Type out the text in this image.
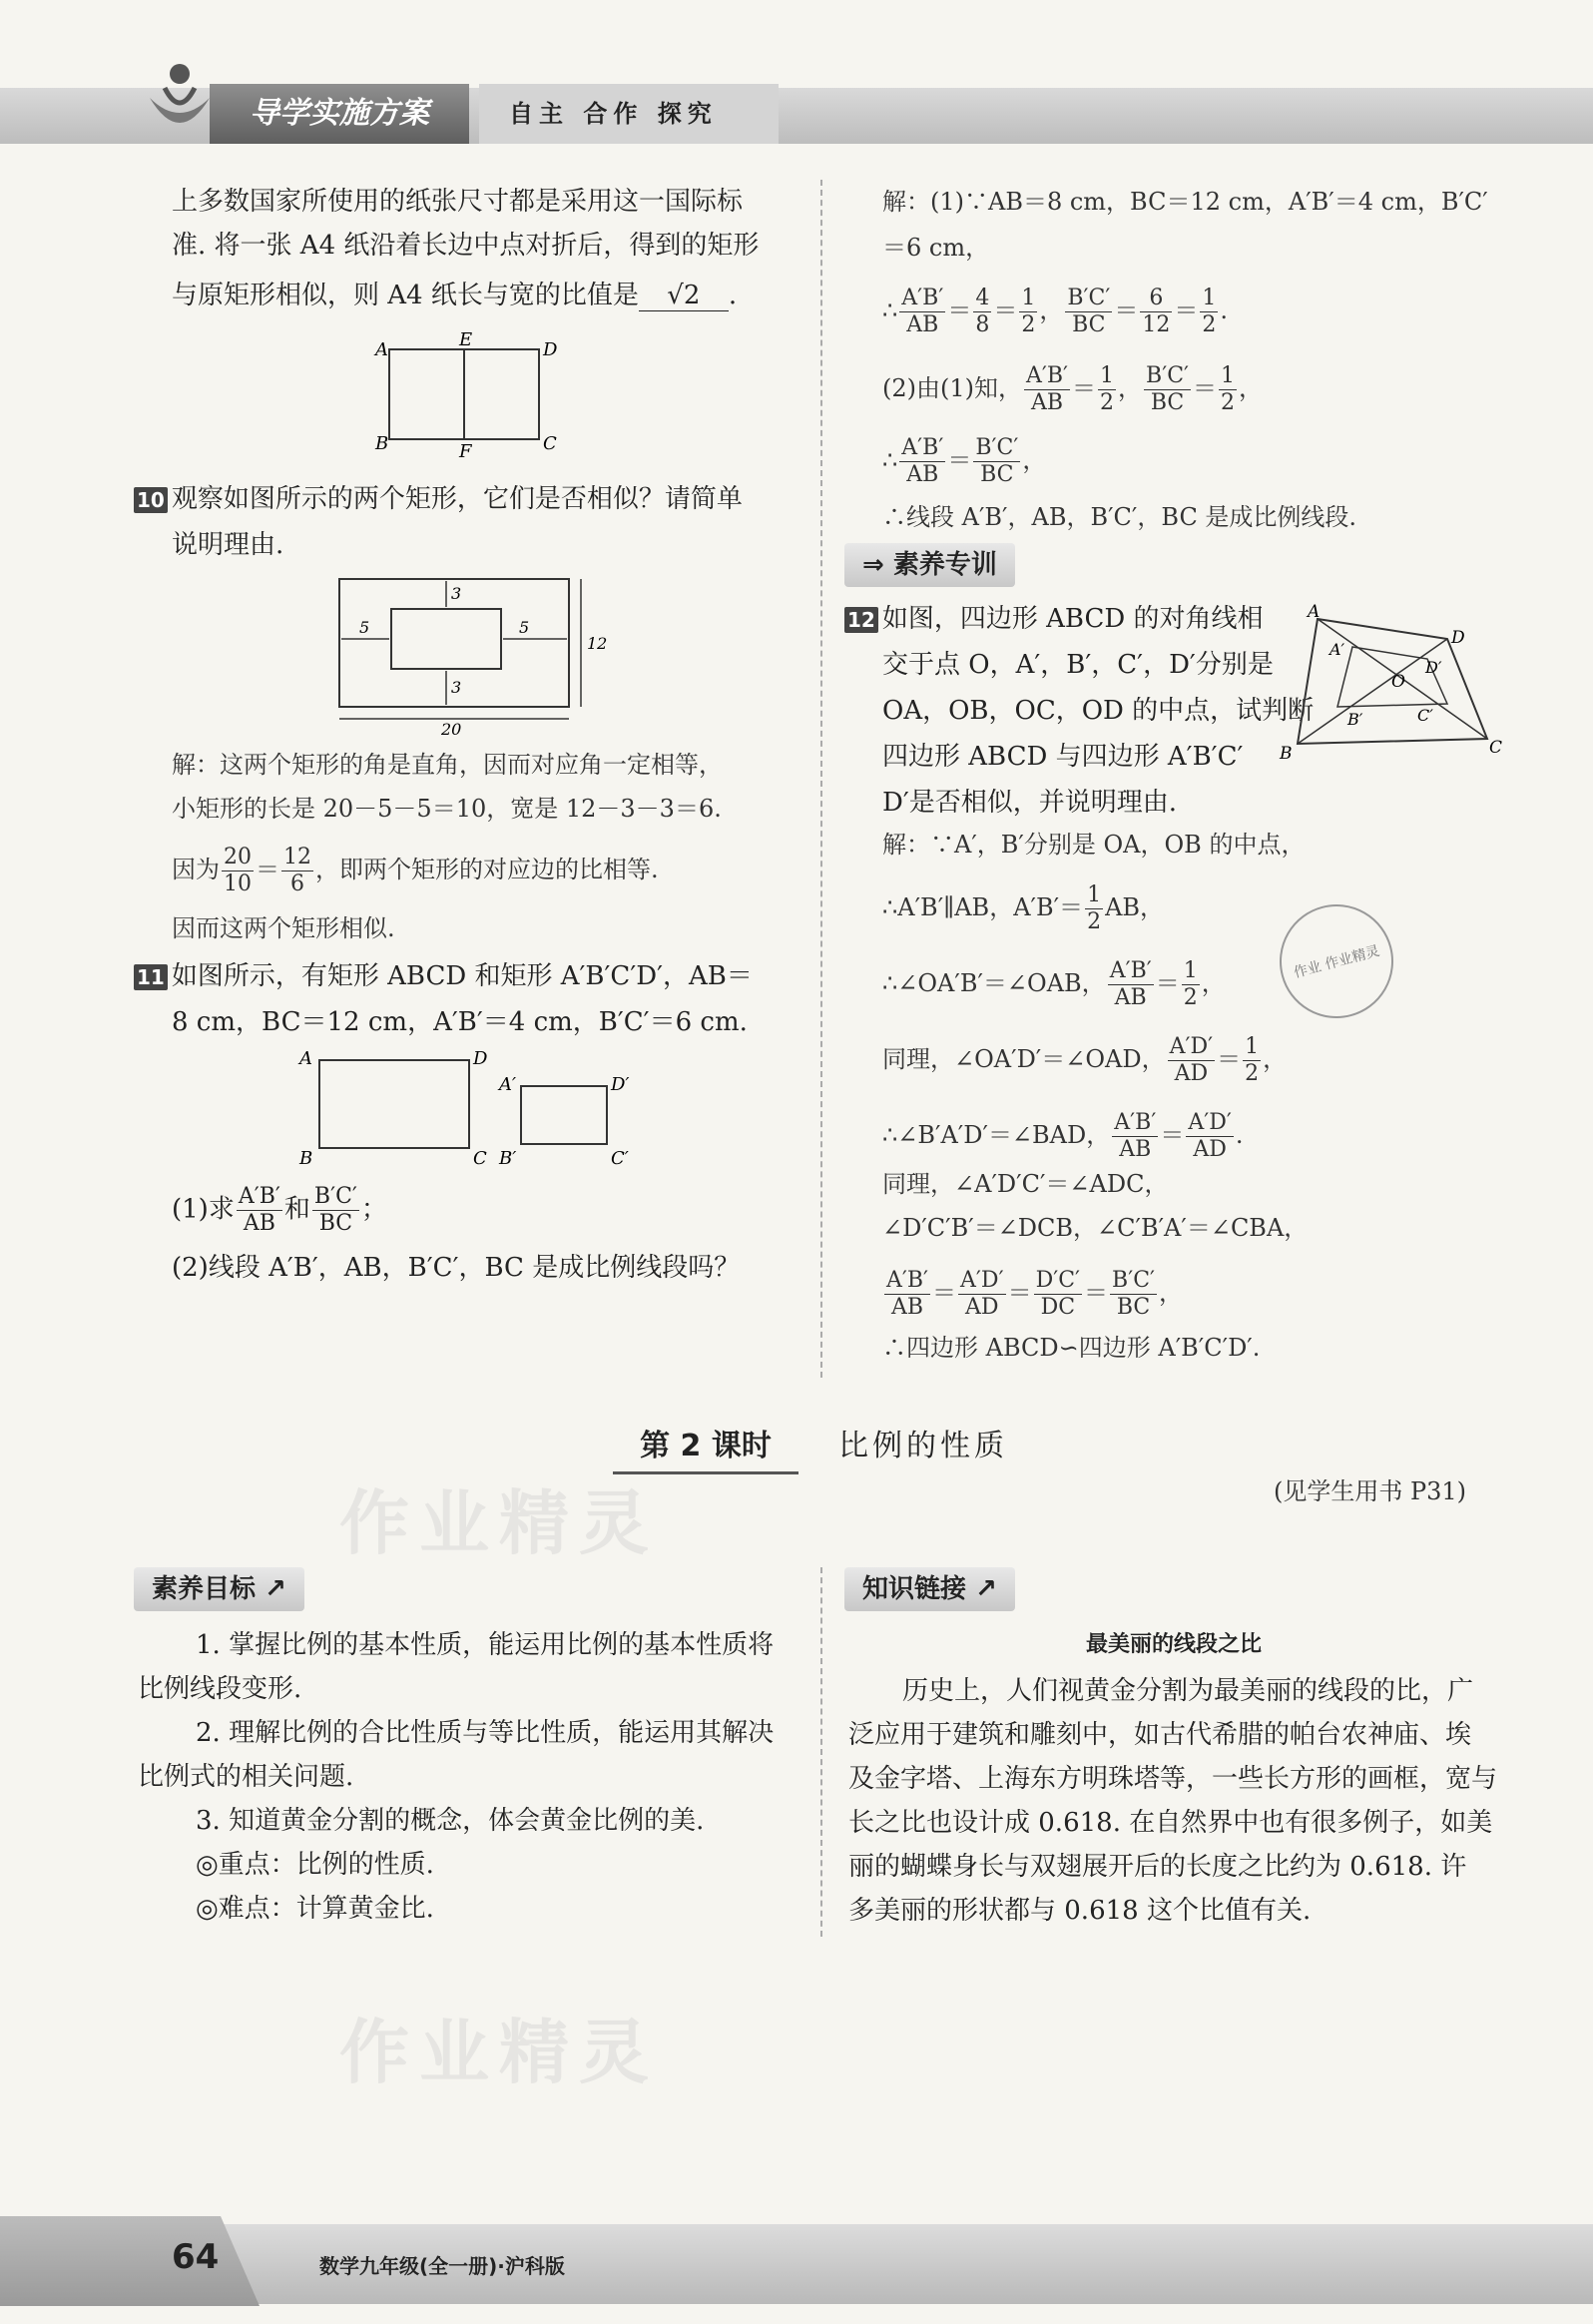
导学实施方案	自主 合作 探究
上多数国家所使用的纸张尺寸都是采用这一国际标
准. 将一张 A4 纸沿着长边中点对折后，得到的矩形
与原矩形相似，则 A4 纸长与宽的比值是 √2 .
A	E	D
B	F	C
10 观察如图所示的两个矩形，它们是否相似？请简单
说明理由.
3
5	5
3
12
20
解：这两个矩形的角是直角，因而对应角一定相等，
小矩形的长是 20－5－5＝10，宽是 12－3－3＝6.
因为 $\frac{20}{10} = \frac{12}{6}$ ，即两个矩形的对应边的比相等.
因而这两个矩形相似.
11 如图所示，有矩形 ABCD 和矩形 A′B′C′D′，AB＝
8 cm，BC＝12 cm，A′B′＝4 cm，B′C′＝6 cm.
A	D
B	C
A′	D′
B′	C′
(1)求 $\frac{A'B'}{AB}$ 和 $\frac{B'C'}{BC}$ ；
(2)线段 A′B′，AB，B′C′，BC 是成比例线段吗？
解：(1)∵AB＝8 cm，BC＝12 cm，A′B′＝4 cm，B′C′
＝6 cm，
∴ $\frac{A'B'}{AB} = \frac{4}{8} = \frac{1}{2}$ ， $\frac{B'C'}{BC} = \frac{6}{12} = \frac{1}{2}$ .
(2)由(1)知， $\frac{A'B'}{AB} = \frac{1}{2}$ ， $\frac{B'C'}{BC} = \frac{1}{2}$ ，
∴ $\frac{A'B'}{AB} = \frac{B'C'}{BC}$ ，
∴线段 A′B′，AB，B′C′，BC 是成比例线段.
⇒ 素养专训
12 如图，四边形 ABCD 的对角线相
交于点 O，A′，B′，C′，D′分别是
OA，OB，OC，OD 的中点，试判断
四边形 ABCD 与四边形 A′B′C′
D′是否相似，并说明理由.
A
D
O
A′
D′
B′	C′
B	C
解：∵A′，B′分别是 OA，OB 的中点，
∴A′B′∥AB，$A'B'= \frac{1}{2}$ AB，
∴∠OA′B′＝∠OAB， $\frac{A'B'}{AB} = \frac{1}{2}$ ，
同理，∠OA′D′＝∠OAD， $\frac{A'D'}{AD} = \frac{1}{2}$ ，
∴∠B′A′D′＝∠BAD， $\frac{A'B'}{AB} = \frac{A'D'}{AD}$ .
同理，∠A′D′C′＝∠ADC，
∠D′C′B′＝∠DCB，∠C′B′A′＝∠CBA，
$\frac{A'B'}{AB} = \frac{A'D'}{AD} = \frac{D'C'}{DC} = \frac{B'C'}{BC}$ ，
∴四边形 ABCD∽四边形 A′B′C′D′.
作业 作业精灵
第 2 课时	比例的性质
(见学生用书 P31)
作业精灵
作业精灵
素养目标 ↗
1. 掌握比例的基本性质，能运用比例的基本性质将
比例线段变形.
2. 理解比例的合比性质与等比性质，能运用其解决
比例式的相关问题.
3. 知道黄金分割的概念，体会黄金比例的美.
◎重点：比例的性质.
◎难点：计算黄金比.
知识链接 ↗
最美丽的线段之比
历史上，人们视黄金分割为最美丽的线段的比，广
泛应用于建筑和雕刻中，如古代希腊的帕台农神庙、埃
及金字塔、上海东方明珠塔等，一些长方形的画框，宽与
长之比也设计成 0.618. 在自然界中也有很多例子，如美
丽的蝴蝶身长与双翅展开后的长度之比约为 0.618. 许
多美丽的形状都与 0.618 这个比值有关.
64	数学九年级(全一册)·沪科版
